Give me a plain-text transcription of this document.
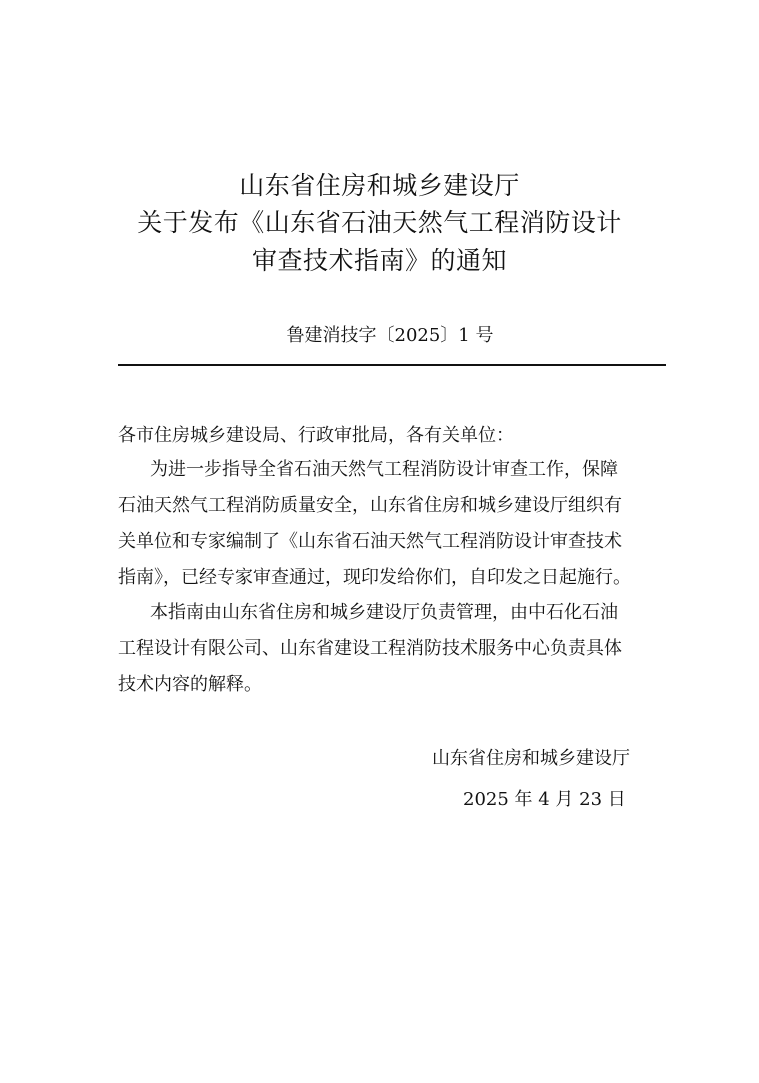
山东省住房和城乡建设厅
关于发布《山东省石油天然气工程消防设计
审查技术指南》的通知
鲁建消技字〔2025〕1 号
各市住房城乡建设局、行政审批局，各有关单位：
为进一步指导全省石油天然气工程消防设计审查工作，保障
石油天然气工程消防质量安全，山东省住房和城乡建设厅组织有
关单位和专家编制了《山东省石油天然气工程消防设计审查技术
指南》，已经专家审查通过，现印发给你们，自印发之日起施行。
本指南由山东省住房和城乡建设厅负责管理，由中石化石油
工程设计有限公司、山东省建设工程消防技术服务中心负责具体
技术内容的解释。
山东省住房和城乡建设厅
2025 年 4 月 23 日
